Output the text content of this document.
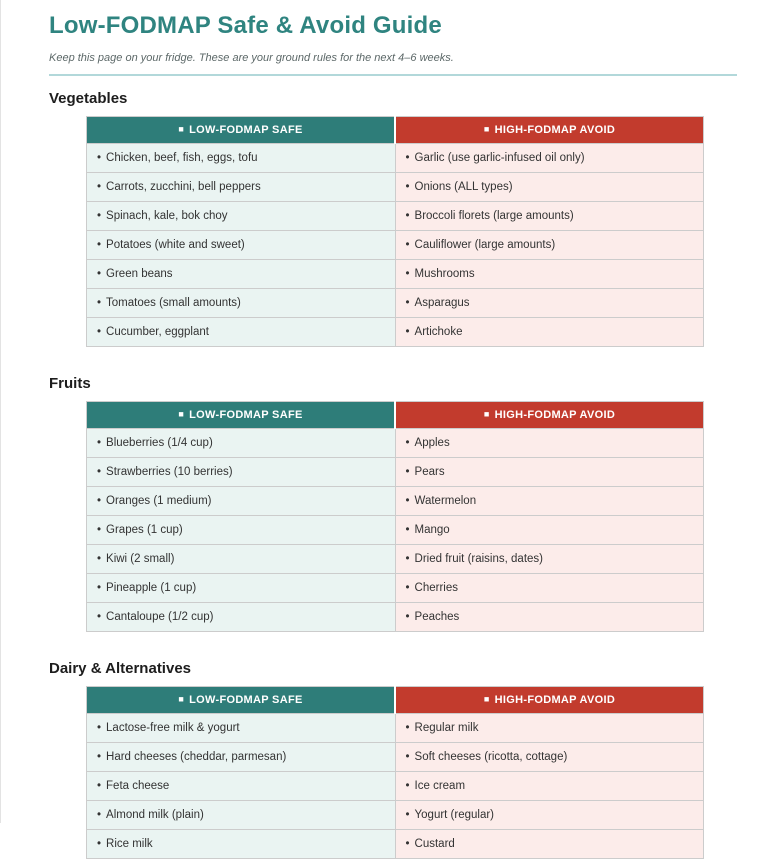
Low-FODMAP Safe & Avoid Guide

Keep this page on your fridge. These are your ground rules for the next 4–6 weeks.

Vegetables
■ LOW-FODMAP SAFE	■ HIGH-FODMAP AVOID
• Chicken, beef, fish, eggs, tofu	• Garlic (use garlic-infused oil only)
• Carrots, zucchini, bell peppers	• Onions (ALL types)
• Spinach, kale, bok choy	• Broccoli florets (large amounts)
• Potatoes (white and sweet)	• Cauliflower (large amounts)
• Green beans	• Mushrooms
• Tomatoes (small amounts)	• Asparagus
• Cucumber, eggplant	• Artichoke
Fruits
■ LOW-FODMAP SAFE	■ HIGH-FODMAP AVOID
• Blueberries (1/4 cup)	• Apples
• Strawberries (10 berries)	• Pears
• Oranges (1 medium)	• Watermelon
• Grapes (1 cup)	• Mango
• Kiwi (2 small)	• Dried fruit (raisins, dates)
• Pineapple (1 cup)	• Cherries
• Cantaloupe (1/2 cup)	• Peaches
Dairy & Alternatives
■ LOW-FODMAP SAFE	■ HIGH-FODMAP AVOID
• Lactose-free milk & yogurt	• Regular milk
• Hard cheeses (cheddar, parmesan)	• Soft cheeses (ricotta, cottage)
• Feta cheese	• Ice cream
• Almond milk (plain)	• Yogurt (regular)
• Rice milk	• Custard
